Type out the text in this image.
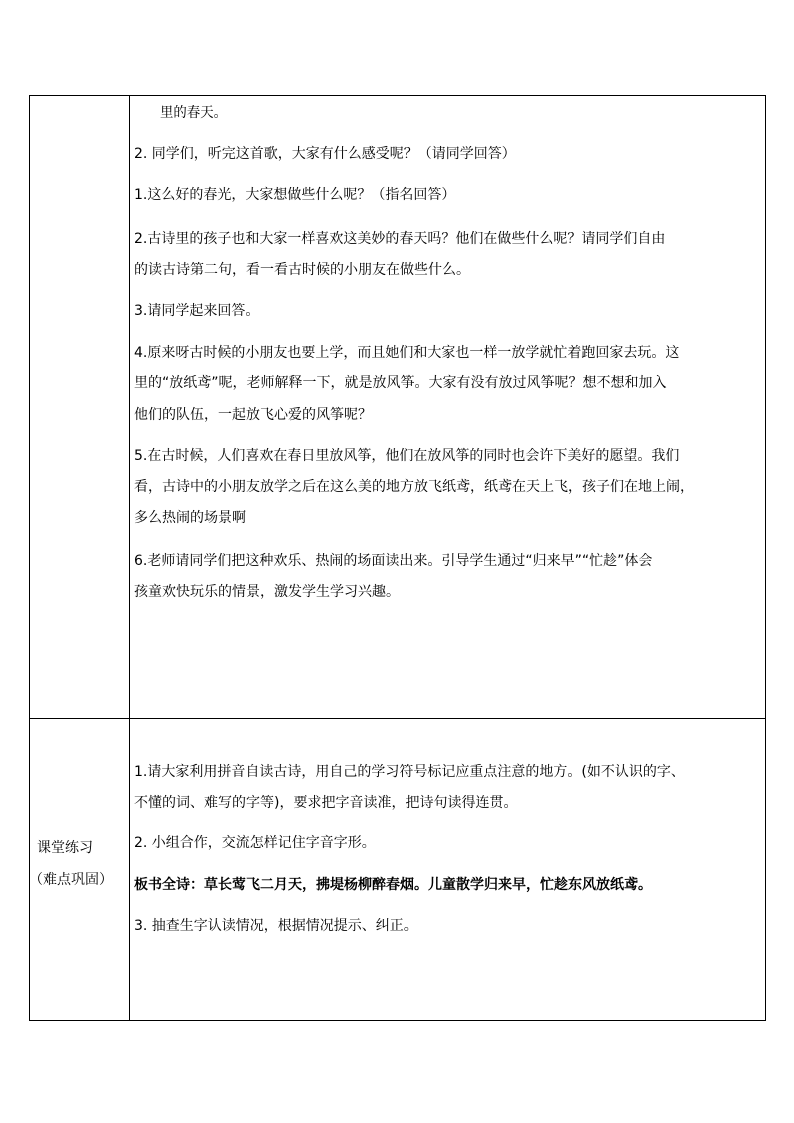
里的春天。
2. 同学们，听完这首歌，大家有什么感受呢？（请同学回答）
1.这么好的春光，大家想做些什么呢？（指名回答）
2.古诗里的孩子也和大家一样喜欢这美妙的春天吗？他们在做些什么呢？请同学们自由
的读古诗第二句，看一看古时候的小朋友在做些什么。
3.请同学起来回答。
4.原来呀古时候的小朋友也要上学，而且她们和大家也一样一放学就忙着跑回家去玩。这
里的“放纸鸢”呢，老师解释一下，就是放风筝。大家有没有放过风筝呢？想不想和加入
他们的队伍，一起放飞心爱的风筝呢？
5.在古时候，人们喜欢在春日里放风筝，他们在放风筝的同时也会许下美好的愿望。我们
看，古诗中的小朋友放学之后在这么美的地方放飞纸鸢，纸鸢在天上飞，孩子们在地上闹，
多么热闹的场景啊
6.老师请同学们把这种欢乐、热闹的场面读出来。引导学生通过“归来早”“忙趁”体会
孩童欢快玩乐的情景，激发学生学习兴趣。
课堂练习
（难点巩固）
1.请大家利用拼音自读古诗，用自己的学习符号标记应重点注意的地方。(如不认识的字、
不懂的词、难写的字等)，要求把字音读准，把诗句读得连贯。
2. 小组合作，交流怎样记住字音字形。
板书全诗：草长莺飞二月天，拂堤杨柳醉春烟。儿童散学归来早，忙趁东风放纸鸢。
3. 抽查生字认读情况，根据情况提示、纠正。
